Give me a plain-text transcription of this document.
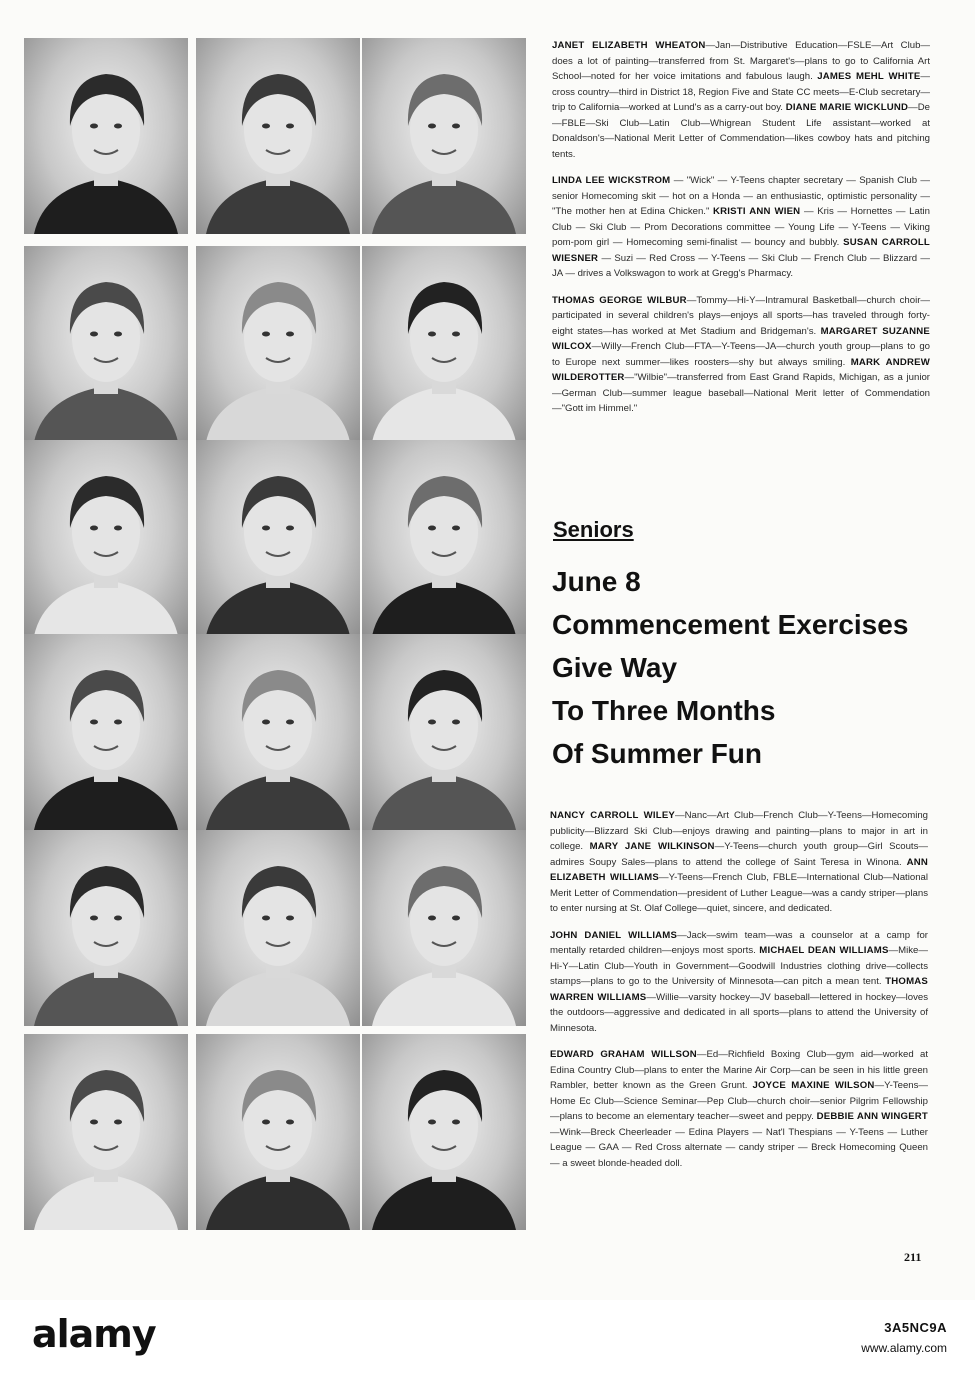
JANET ELIZABETH WHEATON—Jan—Distributive Education—FSLE—Art Club—does a lot of painting—transferred from St. Margaret's—plans to go to California Art School—noted for her voice imitations and fabulous laugh. JAMES MEHL WHITE—cross country—third in District 18, Region Five and State CC meets—E-Club secretary—trip to California—worked at Lund's as a carry-out boy. DIANE MARIE WICKLUND—De—FBLE—Ski Club—Latin Club—Whigrean Student Life assistant—worked at Donaldson's—National Merit Letter of Commendation—likes cowboy hats and pitching tents.

LINDA LEE WICKSTROM — "Wick" — Y-Teens chapter secretary — Spanish Club — senior Homecoming skit — hot on a Honda — an enthusiastic, optimistic personality — "The mother hen at Edina Chicken." KRISTI ANN WIEN — Kris — Hornettes — Latin Club — Ski Club — Prom Decorations committee — Young Life — Y-Teens — Viking pom-pom girl — Homecoming semi-finalist — bouncy and bubbly. SUSAN CARROLL WIESNER — Suzi — Red Cross — Y-Teens — Ski Club — French Club — Blizzard — JA — drives a Volkswagon to work at Gregg's Pharmacy.

THOMAS GEORGE WILBUR—Tommy—Hi-Y—Intramural Basketball—church choir—participated in several children's plays—enjoys all sports—has traveled through forty-eight states—has worked at Met Stadium and Bridgeman's. MARGARET SUZANNE WILCOX—Willy—French Club—FTA—Y-Teens—JA—church youth group—plans to go to Europe next summer—likes roosters—shy but always smiling. MARK ANDREW WILDEROTTER—"Wilbie"—transferred from East Grand Rapids, Michigan, as a junior—German Club—summer league baseball—National Merit letter of Commendation—"Gott im Himmel."

Seniors
June 8
Commencement Exercises
Give Way
To Three Months
Of Summer Fun

NANCY CARROLL WILEY—Nanc—Art Club—French Club—Y-Teens—Homecoming publicity—Blizzard Ski Club—enjoys drawing and painting—plans to major in art in college. MARY JANE WILKINSON—Y-Teens—church youth group—Girl Scouts—admires Soupy Sales—plans to attend the college of Saint Teresa in Winona. ANN ELIZABETH WILLIAMS—Y-Teens—French Club, FBLE—International Club—National Merit Letter of Commendation—president of Luther League—was a candy striper—plans to enter nursing at St. Olaf College—quiet, sincere, and dedicated.

JOHN DANIEL WILLIAMS—Jack—swim team—was a counselor at a camp for mentally retarded children—enjoys most sports. MICHAEL DEAN WILLIAMS—Mike—Hi-Y—Latin Club—Youth in Government—Goodwill Industries clothing drive—collects stamps—plans to go to the University of Minnesota—can pitch a mean tent. THOMAS WARREN WILLIAMS—Willie—varsity hockey—JV baseball—lettered in hockey—loves the outdoors—aggressive and dedicated in all sports—plans to attend the University of Minnesota.

EDWARD GRAHAM WILLSON—Ed—Richfield Boxing Club—gym aid—worked at Edina Country Club—plans to enter the Marine Air Corp—can be seen in his little green Rambler, better known as the Green Grunt. JOYCE MAXINE WILSON—Y-Teens—Home Ec Club—Science Seminar—Pep Club—church choir—senior Pilgrim Fellowship—plans to become an elementary teacher—sweet and peppy. DEBBIE ANN WINGERT—Wink—Breck Cheerleader — Edina Players — Nat'l Thespians — Y-Teens — Luther League — GAA — Red Cross alternate — candy striper — Breck Homecoming Queen — a sweet blonde-headed doll.

211
alamy	3A5NC9A
www.alamy.com
